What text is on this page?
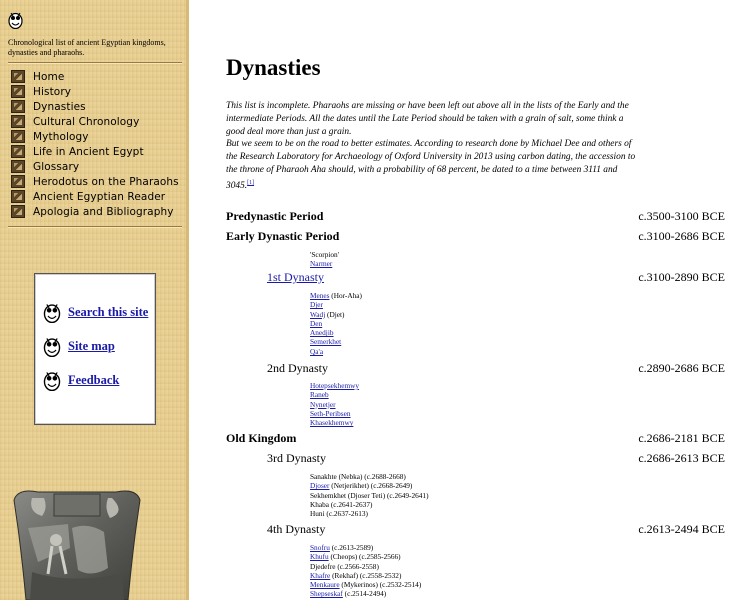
Chronological list of ancient Egyptian kingdoms, dynasties and pharaohs.
Home
History
Dynasties
Cultural Chronology
Mythology
Life in Ancient Egypt
Glossary
Herodotus on the Pharaohs
Ancient Egyptian Reader
Apologia and Bibliography
Search this site
Site map
Feedback
Dynasties

This list is incomplete. Pharaohs are missing or have been left out above all in the lists of the Early and the intermediate Periods. All the dates until the Late Period should be taken with a grain of salt, some think a good deal more than just a grain.

But we seem to be on the road to better estimates. According to research done by Michael Dee and others of the Research Laboratory for Archaeology of Oxford University in 2013 using carbon dating, the accession to the throne of Pharaoh Aha should, with a probability of 68 percent, be dated to a time between 3111 and 3045.[1]

Predynastic Period	c.3500-3100 BCE
Early Dynastic Period	c.3100-2686 BCE
'Scorpion'
Narmer
1st Dynasty	c.3100-2890 BCE
Menes (Hor-Aha)
Djer
Wadj (Djet)
Den
Anedjib
Semerkhet
Qa'a
2nd Dynasty	c.2890-2686 BCE
Hotepsekhemwy
Raneb
Nynetjer
Seth-Peribsen
Khasekhemwy
Old Kingdom	c.2686-2181 BCE
3rd Dynasty	c.2686-2613 BCE
Sanakhte (Nebka) (c.2688-2668)
Djoser (Netjerikhet) (c.2668-2649)
Sekhemkhet (Djoser Teti) (c.2649-2641)
Khaba (c.2641-2637)
Huni (c.2637-2613)
4th Dynasty	c.2613-2494 BCE
Snofru (c.2613-2589)
Khufu (Cheops) (c.2585-2566)
Djedefre (c.2566-2558)
Khafre (Rekhaf) (c.2558-2532)
Menkaure (Mykerinos) (c.2532-2514)
Shepseskaf (c.2514-2494)
